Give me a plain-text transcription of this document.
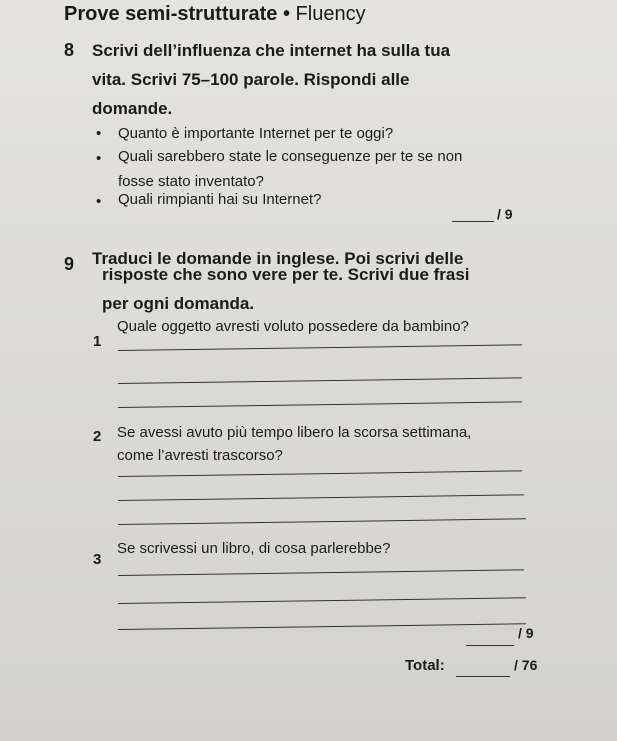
Prove semi-strutturate • Fluency
8 Scrivi dell’influenza che internet ha sulla tua
vita. Scrivi 75–100 parole. Rispondi alle
domande.
• Quanto è importante Internet per te oggi?
• Quali sarebbero state le conseguenze per te se non
fosse stato inventato?
• Quali rimpianti hai su Internet?
/ 9
9 Traduci le domande in inglese. Poi scrivi delle
risposte che sono vere per te. Scrivi due frasi
per ogni domanda.
1
Quale oggetto avresti voluto possedere da bambino?
2 Se avessi avuto più tempo libero la scorsa settimana,
come l’avresti trascorso?
3
Se scrivessi un libro, di cosa parlerebbe?
/ 9
Total:	/ 76
